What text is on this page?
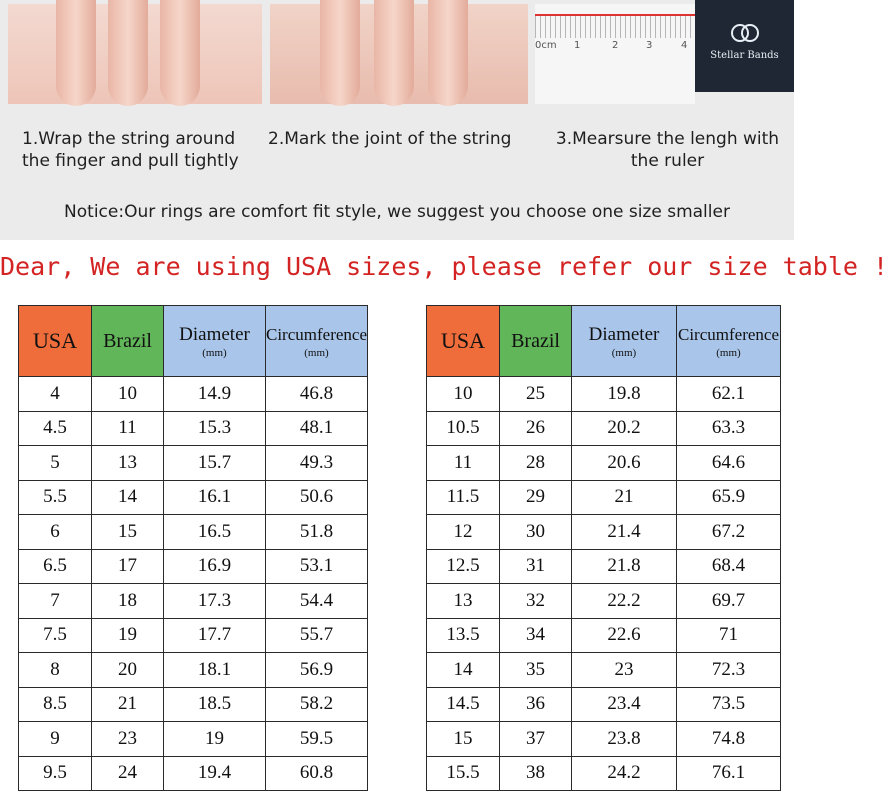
0cm 1	2	3	4
Stellar Bands
1.Wrap the string around the finger and pull tightly
2.Mark the joint of the string	3.Mearsure the lengh with the ruler
Notice:Our rings are comfort fit style, we suggest you choose one size smaller
Dear, We are using USA sizes, please refer our size table !
USA	Brazil	Diameter
(mm)	Circumference
(mm)

4	10	14.9	46.8
4.5	11	15.3	48.1
5	13	15.7	49.3
5.5	14	16.1	50.6
6	15	16.5	51.8
6.5	17	16.9	53.1
7	18	17.3	54.4
7.5	19	17.7	55.7
8	20	18.1	56.9
8.5	21	18.5	58.2
9	23	19	59.5
9.5	24	19.4	60.8
USA	Brazil	Diameter
(mm)	Circumference
(mm)

10	25	19.8	62.1
10.5	26	20.2	63.3
11	28	20.6	64.6
11.5	29	21	65.9
12	30	21.4	67.2
12.5	31	21.8	68.4
13	32	22.2	69.7
13.5	34	22.6	71
14	35	23	72.3
14.5	36	23.4	73.5
15	37	23.8	74.8
15.5	38	24.2	76.1
